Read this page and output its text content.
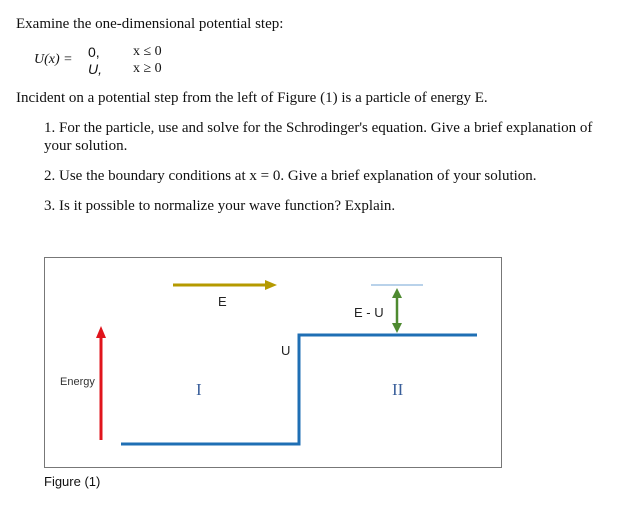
Examine the one-dimensional potential step:
U(x) = 0,
U,
x ≤ 0
x ≥ 0
Incident on a potential step from the left of Figure (1) is a particle of energy E.
1. For the particle, use and solve for the Schrodinger's equation. Give a brief explanation of your solution.
2. Use the boundary conditions at x = 0. Give a brief explanation of your solution.
3. Is it possible to normalize your wave function? Explain.
Energy
U
E
E - U
I	II
Figure (1)
